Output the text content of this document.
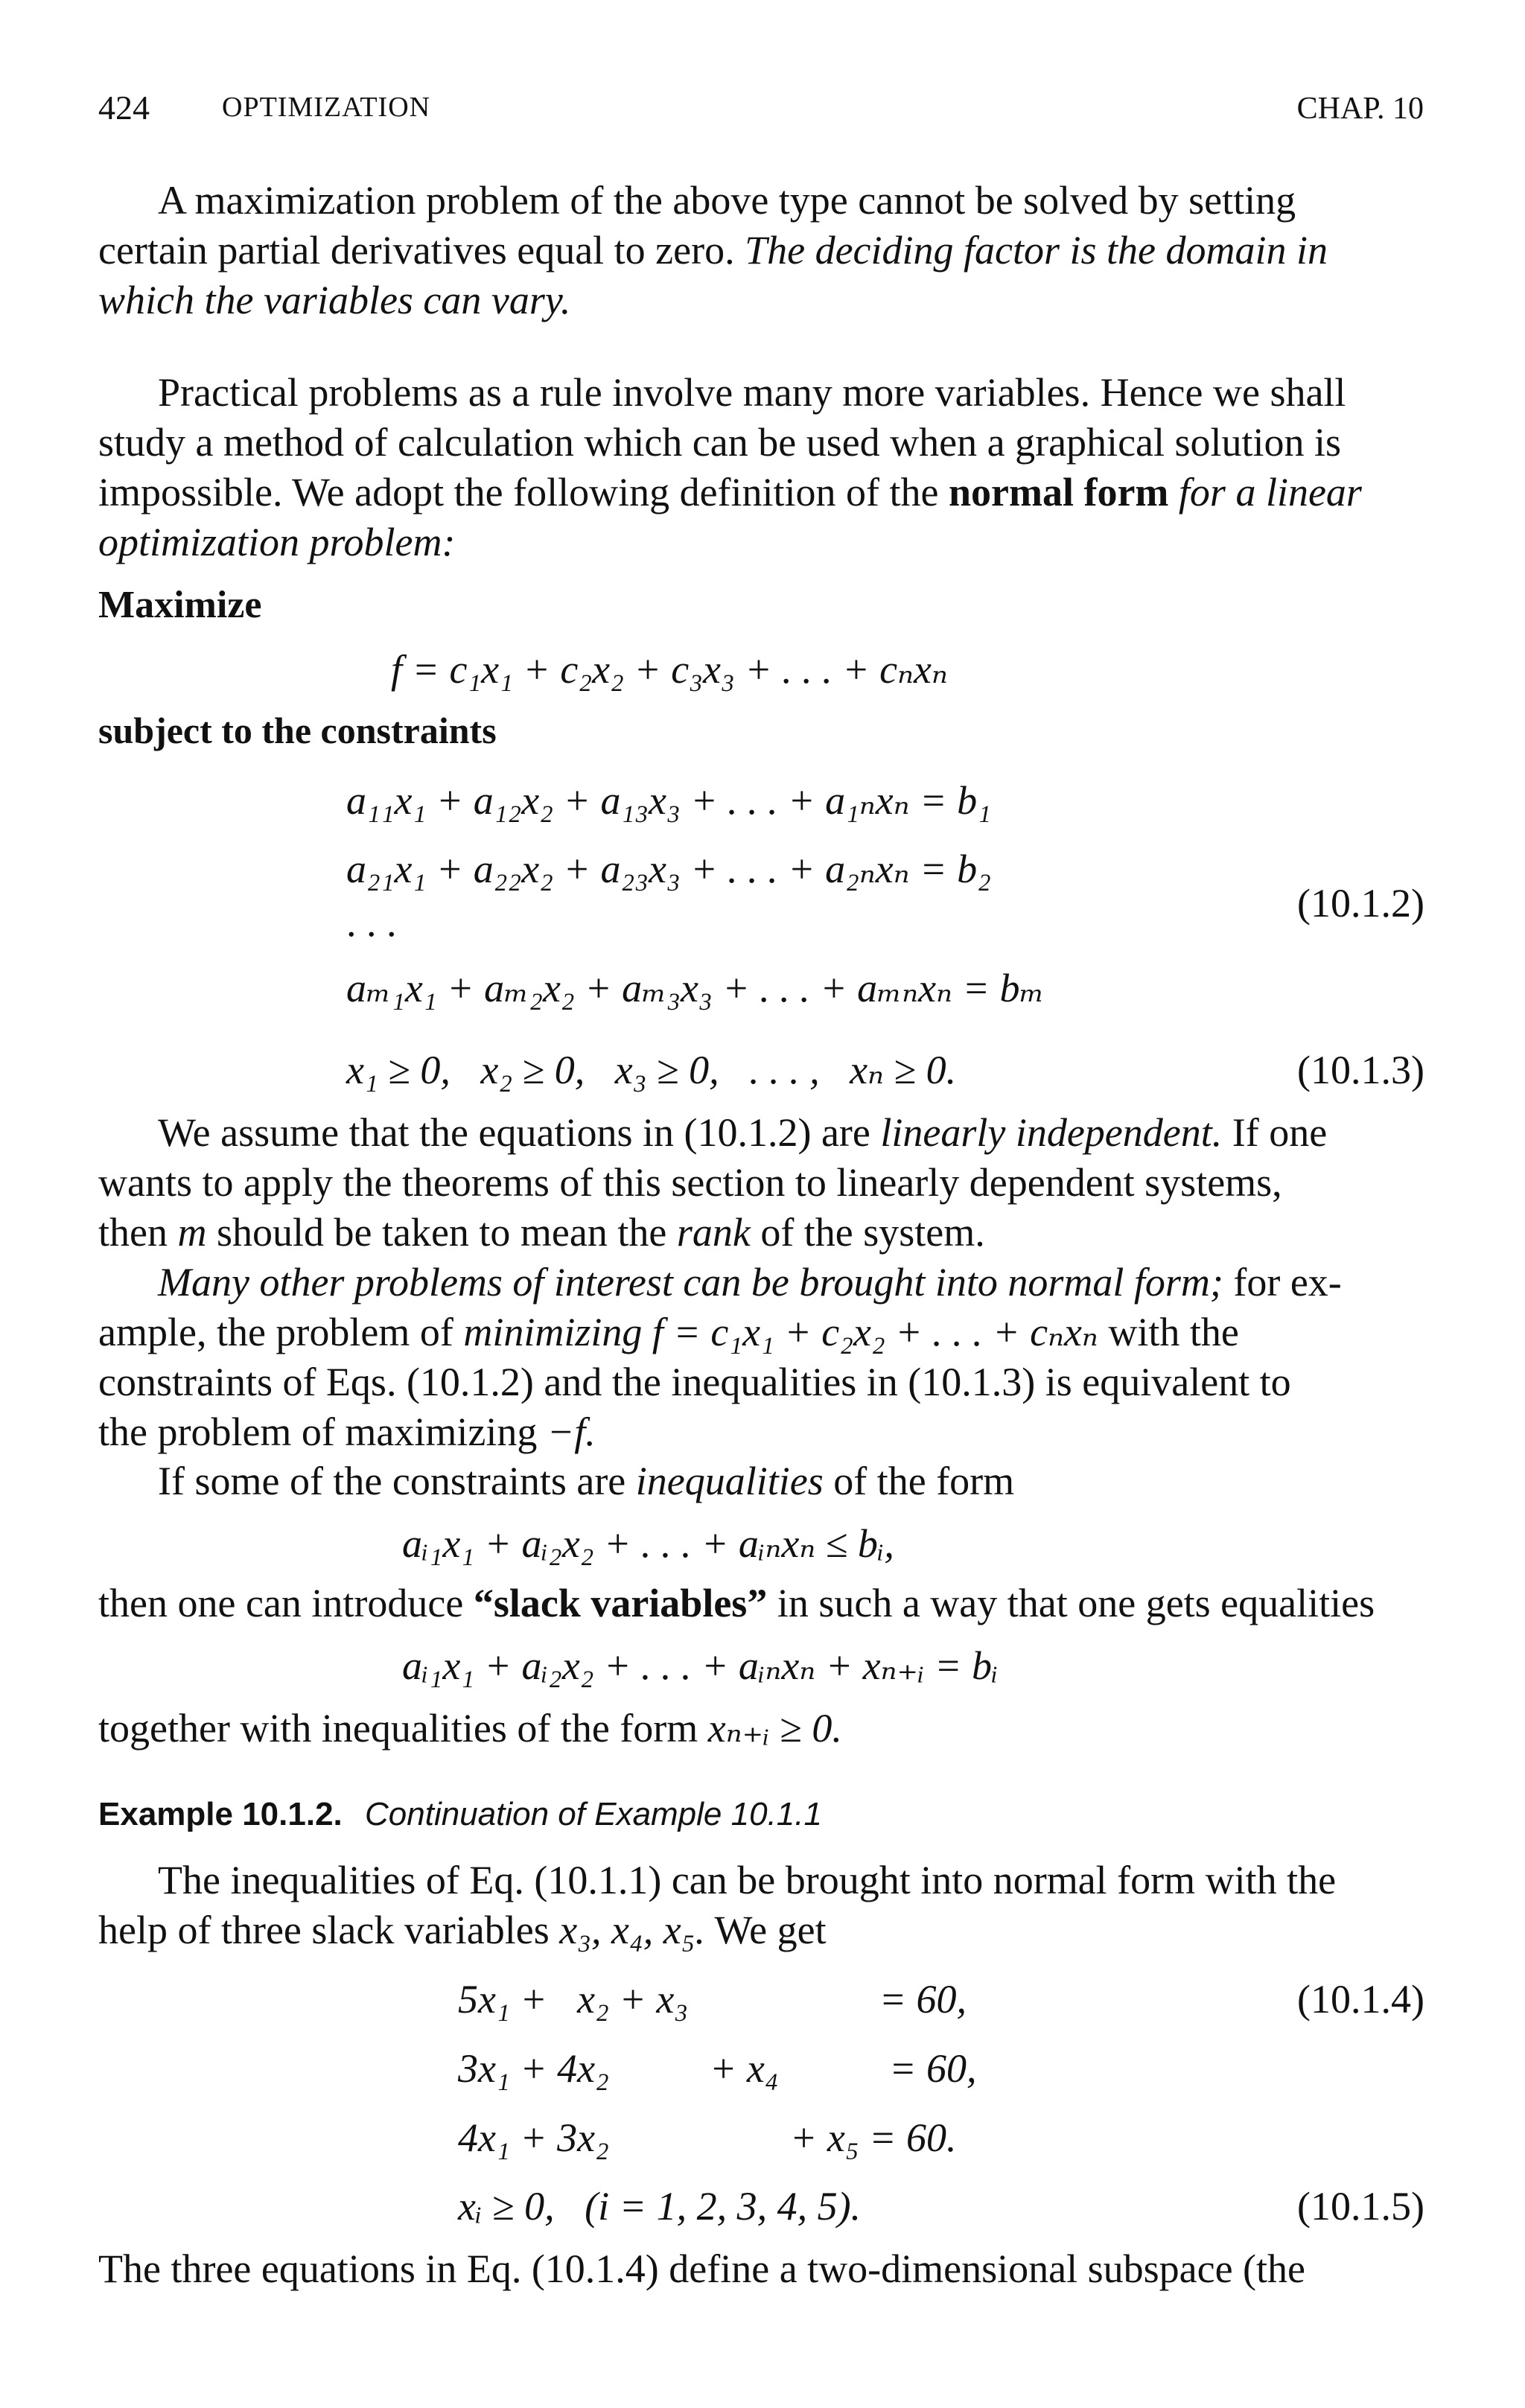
424	OPTIMIZATION	CHAP. 10
A maximization problem of the above type cannot be solved by setting
certain partial derivatives equal to zero. The deciding factor is the domain in
which the variables can vary.
Practical problems as a rule involve many more variables. Hence we shall
study a method of calculation which can be used when a graphical solution is
impossible. We adopt the following definition of the normal form for a linear
optimization problem:
Maximize
f = c₁x₁ + c₂x₂ + c₃x₃ + . . . + cₙxₙ
subject to the constraints
a₁₁x₁ + a₁₂x₂ + a₁₃x₃ + . . . + a₁ₙxₙ = b₁
a₂₁x₁ + a₂₂x₂ + a₂₃x₃ + . . . + a₂ₙxₙ = b₂
. . .	(10.1.2)
aₘ₁x₁ + aₘ₂x₂ + aₘ₃x₃ + . . . + aₘₙxₙ = bₘ
x₁ ≥ 0,   x₂ ≥ 0,   x₃ ≥ 0,   . . . ,   xₙ ≥ 0.	(10.1.3)
We assume that the equations in (10.1.2) are linearly independent. If one
wants to apply the theorems of this section to linearly dependent systems,
then m should be taken to mean the rank of the system.
Many other problems of interest can be brought into normal form; for ex-
ample, the problem of minimizing f = c₁x₁ + c₂x₂ + . . . + cₙxₙ with the
constraints of Eqs. (10.1.2) and the inequalities in (10.1.3) is equivalent to
the problem of maximizing −f.
If some of the constraints are inequalities of the form
aᵢ₁x₁ + aᵢ₂x₂ + . . . + aᵢₙxₙ ≤ bᵢ,
then one can introduce “slack variables” in such a way that one gets equalities
aᵢ₁x₁ + aᵢ₂x₂ + . . . + aᵢₙxₙ + xₙ₊ᵢ = bᵢ
together with inequalities of the form xₙ₊ᵢ ≥ 0.
Example 10.1.2. Continuation of Example 10.1.1
The inequalities of Eq. (10.1.1) can be brought into normal form with the
help of three slack variables x₃, x₄, x₅. We get
5x₁ +   x₂ + x₃                   = 60,	(10.1.4)
3x₁ + 4x₂          + x₄           = 60,
4x₁ + 3x₂                  + x₅ = 60.
xᵢ ≥ 0,   (i = 1, 2, 3, 4, 5).	(10.1.5)
The three equations in Eq. (10.1.4) define a two-dimensional subspace (the
